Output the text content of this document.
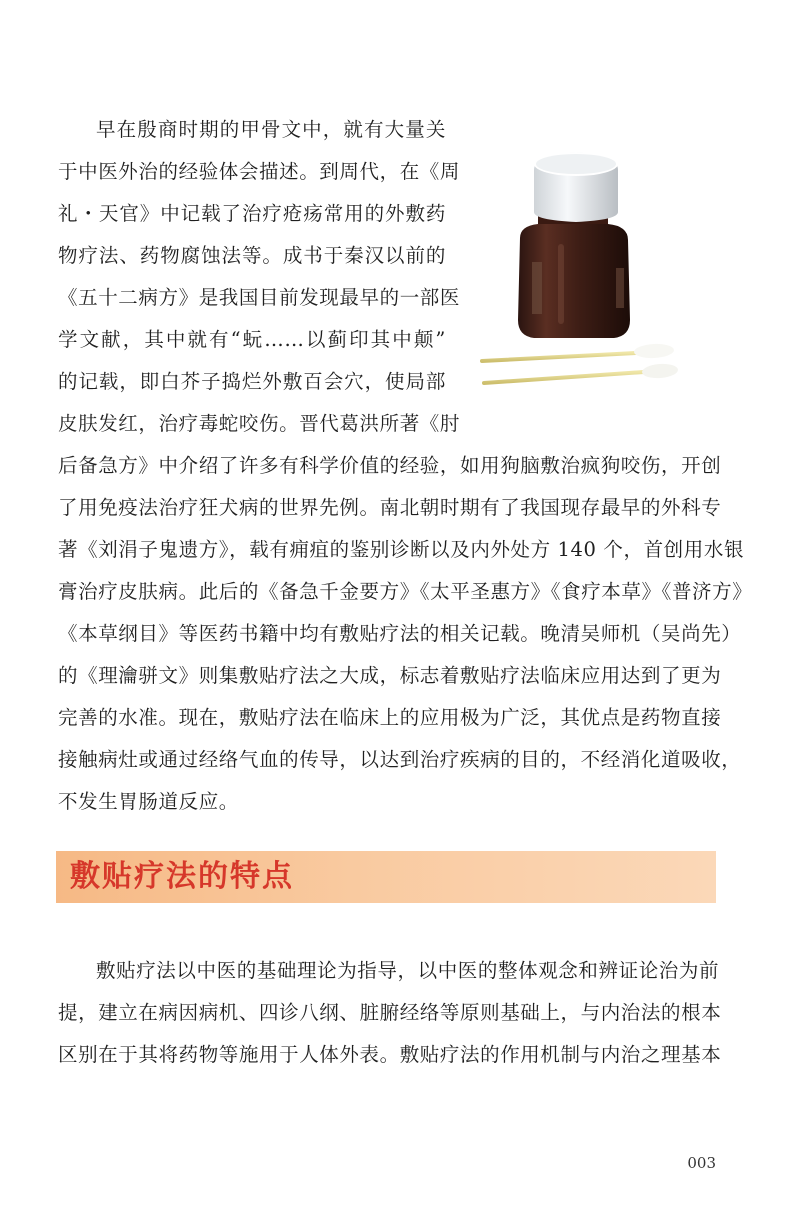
早在殷商时期的甲骨文中，就有大量关
于中医外治的经验体会描述。到周代，在《周
礼・天官》中记载了治疗疮疡常用的外敷药
物疗法、药物腐蚀法等。成书于秦汉以前的
《五十二病方》是我国目前发现最早的一部医
学文献，其中就有“蚖……以蓟印其中颠”
的记载，即白芥子捣烂外敷百会穴，使局部
皮肤发红，治疗毒蛇咬伤。晋代葛洪所著《肘
后备急方》中介绍了许多有科学价值的经验，如用狗脑敷治疯狗咬伤，开创
了用免疫法治疗狂犬病的世界先例。南北朝时期有了我国现存最早的外科专
著《刘涓子鬼遗方》，载有痈疽的鉴别诊断以及内外处方 140 个，首创用水银
膏治疗皮肤病。此后的《备急千金要方》《太平圣惠方》《食疗本草》《普济方》
《本草纲目》等医药书籍中均有敷贴疗法的相关记载。晚清吴师机（吴尚先）
的《理瀹骈文》则集敷贴疗法之大成，标志着敷贴疗法临床应用达到了更为
完善的水准。现在，敷贴疗法在临床上的应用极为广泛，其优点是药物直接
接触病灶或通过经络气血的传导，以达到治疗疾病的目的，不经消化道吸收，
不发生胃肠道反应。
敷贴疗法的特点
敷贴疗法以中医的基础理论为指导，以中医的整体观念和辨证论治为前
提，建立在病因病机、四诊八纲、脏腑经络等原则基础上，与内治法的根本
区别在于其将药物等施用于人体外表。敷贴疗法的作用机制与内治之理基本
003
